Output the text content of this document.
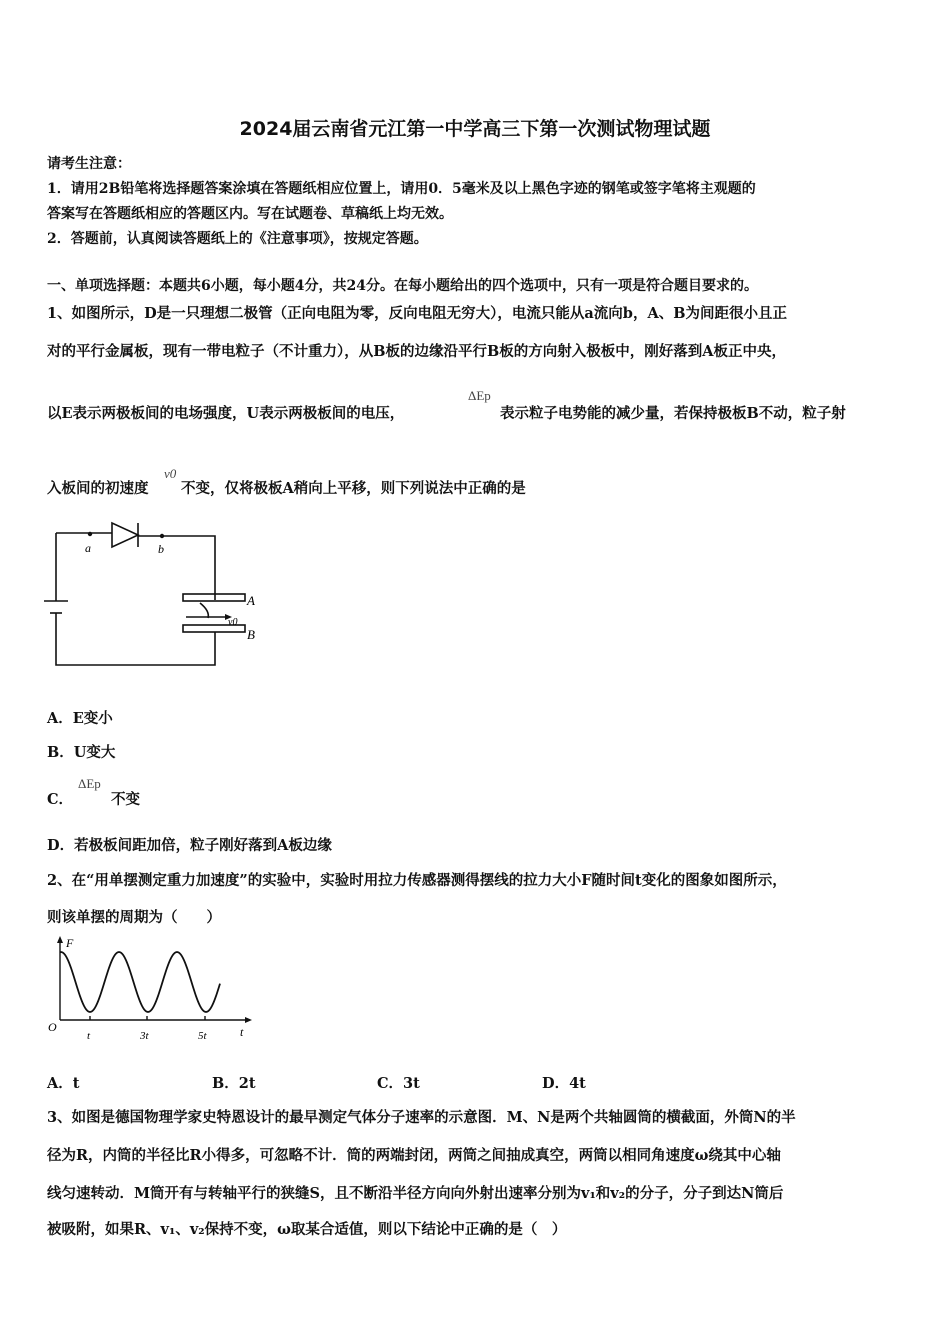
2024届云南省元江第一中学高三下第一次测试物理试题
请考生注意：
1．请用2B铅笔将选择题答案涂填在答题纸相应位置上，请用0．5毫米及以上黑色字迹的钢笔或签字笔将主观题的
答案写在答题纸相应的答题区内。写在试题卷、草稿纸上均无效。
2．答题前，认真阅读答题纸上的《注意事项》，按规定答题。
一、单项选择题：本题共6小题，每小题4分，共24分。在每小题给出的四个选项中，只有一项是符合题目要求的。
1、如图所示，D是一只理想二极管（正向电阻为零，反向电阻无穷大），电流只能从a流向b，A、B为间距很小且正
对的平行金属板，现有一带电粒子（不计重力），从B板的边缘沿平行B板的方向射入极板中，刚好落到A板正中央，
以E表示两极板间的电场强度，U表示两极板间的电压，
ΔEp
表示粒子电势能的减少量，若保持极板B不动，粒子射
入板间的初速度
v0
不变，仅将极板A稍向上平移，则下列说法中正确的是
a	b
A
B
v0
A．E变小
B．U变大
C．
ΔEp
不变
D．若极板间距加倍，粒子刚好落到A板边缘
2、在“用单摆测定重力加速度”的实验中，实验时用拉力传感器测得摆线的拉力大小F随时间t变化的图象如图所示，
则该单摆的周期为（　　）
F
t
O
t	3t	5t
A．t	B．2t	C．3t	D．4t
3、如图是德国物理学家史特恩设计的最早测定气体分子速率的示意图．M、N是两个共轴圆筒的横截面，外筒N的半
径为R，内筒的半径比R小得多，可忽略不计．筒的两端封闭，两筒之间抽成真空，两筒以相同角速度ω绕其中心轴
线匀速转动．M筒开有与转轴平行的狭缝S，且不断沿半径方向向外射出速率分别为v₁和v₂的分子，分子到达N筒后
被吸附，如果R、v₁、v₂保持不变，ω取某合适值，则以下结论中正确的是（　）
